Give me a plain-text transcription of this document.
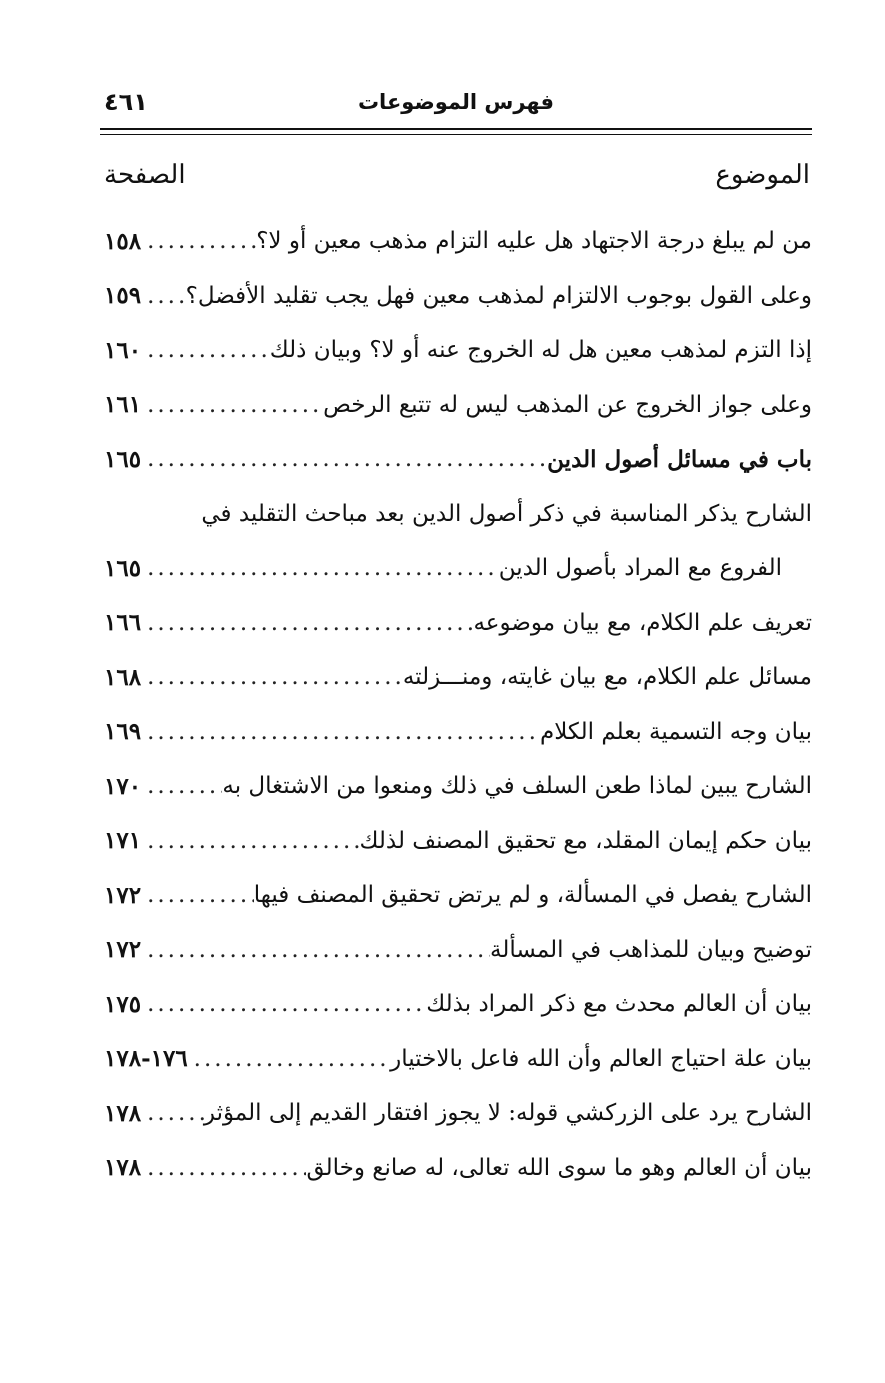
فهرس الموضوعات
٤٦١
الموضوع
الصفحة
من لم يبلغ درجة الاجتهاد هل عليه التزام مذهب معين أو لا؟
.....
١٥٨
وعلى القول بوجوب الالتزام لمذهب معين فهل يجب تقليد الأفضل؟
.....
١٥٩
إذا التزم لمذهب معين هل له الخروج عنه أو لا؟ وبيان ذلك
.....
١٦٠
وعلى جواز الخروج عن المذهب ليس له تتبع الرخص
.....
١٦١
باب في مسائل أصول الدين
.....
١٦٥
الشارح يذكر المناسبة في ذكر أصول الدين بعد مباحث التقليد في
الفروع مع المراد بأصول الدين
.....
١٦٥
تعريف علم الكلام، مع بيان موضوعه
.....
١٦٦
مسائل علم الكلام، مع بيان غايته، ومنـــزلته
.....
١٦٨
بيان وجه التسمية بعلم الكلام
.....
١٦٩
الشارح يبين لماذا طعن السلف في ذلك ومنعوا من الاشتغال به
.....
١٧٠
بيان حكم إيمان المقلد، مع تحقيق المصنف لذلك
.....
١٧١
الشارح يفصل في المسألة، و لم يرتض تحقيق المصنف فيها
.....
١٧٢
توضيح وبيان للمذاهب في المسألة
.....
١٧٢
بيان أن العالم محدث مع ذكر المراد بذلك
.....
١٧٥
بيان علة احتياج العالم وأن الله فاعل بالاختيار
.....
١٧٦-١٧٨
الشارح يرد على الزركشي قوله: لا يجوز افتقار القديم إلى المؤثر
.....
١٧٨
بيان أن العالم وهو ما سوى الله تعالى، له صانع وخالق
.....
١٧٨
